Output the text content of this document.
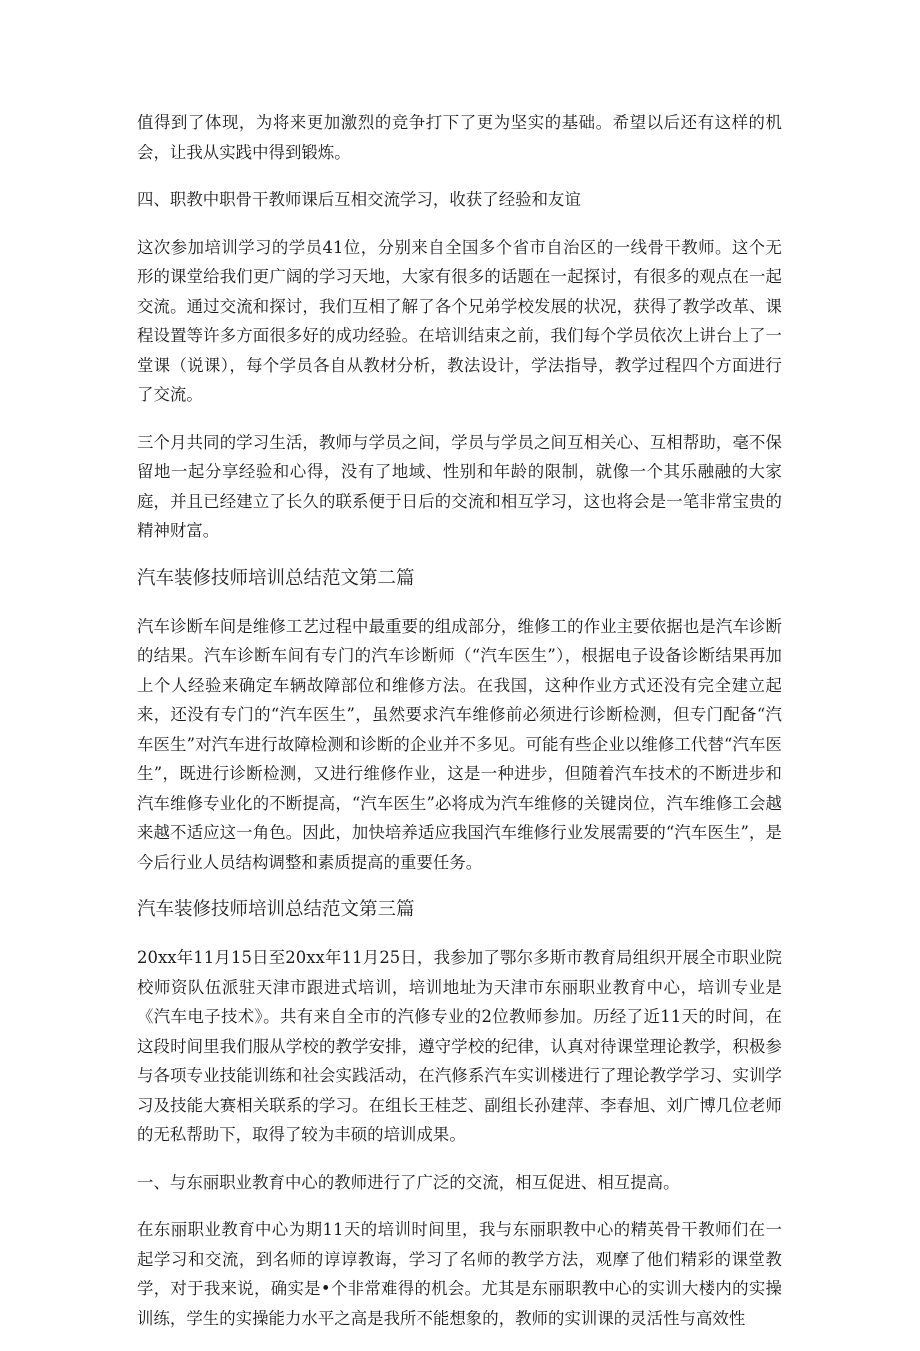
值得到了体现，为将来更加激烈的竞争打下了更为坚实的基础。希望以后还有这样的机会，让我从实践中得到锻炼。

四、职教中职骨干教师课后互相交流学习，收获了经验和友谊

这次参加培训学习的学员41位，分别来自全国多个省市自治区的一线骨干教师。这个无形的课堂给我们更广阔的学习天地，大家有很多的话题在一起探讨，有很多的观点在一起交流。通过交流和探讨，我们互相了解了各个兄弟学校发展的状况，获得了教学改革、课程设置等许多方面很多好的成功经验。在培训结束之前，我们每个学员依次上讲台上了一堂课（说课），每个学员各自从教材分析，教法设计，学法指导，教学过程四个方面进行了交流。

三个月共同的学习生活，教师与学员之间，学员与学员之间互相关心、互相帮助，毫不保留地一起分享经验和心得，没有了地域、性别和年龄的限制，就像一个其乐融融的大家庭，并且已经建立了长久的联系便于日后的交流和相互学习，这也将会是一笔非常宝贵的精神财富。

汽车装修技师培训总结范文第二篇

汽车诊断车间是维修工艺过程中最重要的组成部分，维修工的作业主要依据也是汽车诊断的结果。汽车诊断车间有专门的汽车诊断师（“汽车医生”），根据电子设备诊断结果再加上个人经验来确定车辆故障部位和维修方法。在我国，这种作业方式还没有完全建立起来，还没有专门的“汽车医生”，虽然要求汽车维修前必须进行诊断检测，但专门配备“汽车医生”对汽车进行故障检测和诊断的企业并不多见。可能有些企业以维修工代替“汽车医生”，既进行诊断检测，又进行维修作业，这是一种进步，但随着汽车技术的不断进步和汽车维修专业化的不断提高，“汽车医生”必将成为汽车维修的关键岗位，汽车维修工会越来越不适应这一角色。因此，加快培养适应我国汽车维修行业发展需要的“汽车医生”，是今后行业人员结构调整和素质提高的重要任务。

汽车装修技师培训总结范文第三篇

20xx年11月15日至20xx年11月25日，我参加了鄂尔多斯市教育局组织开展全市职业院校师资队伍派驻天津市跟进式培训，培训地址为天津市东丽职业教育中心，培训专业是《汽车电子技术》。共有来自全市的汽修专业的2位教师参加。历经了近11天的时间，在这段时间里我们服从学校的教学安排，遵守学校的纪律，认真对待课堂理论教学，积极参与各项专业技能训练和社会实践活动，在汽修系汽车实训楼进行了理论教学学习、实训学习及技能大赛相关联系的学习。在组长王桂芝、副组长孙建萍、李春旭、刘广博几位老师的无私帮助下，取得了较为丰硕的培训成果。

一、与东丽职业教育中心的教师进行了广泛的交流，相互促进、相互提高。

在东丽职业教育中心为期11天的培训时间里，我与东丽职教中心的精英骨干教师们在一起学习和交流，到名师的谆谆教诲，学习了名师的教学方法，观摩了他们精彩的课堂教学，对于我来说，确实是•个非常难得的机会。尤其是东丽职教中心的实训大楼内的实操训练，学生的实操能力水平之高是我所不能想象的，教师的实训课的灵活性与高效性
